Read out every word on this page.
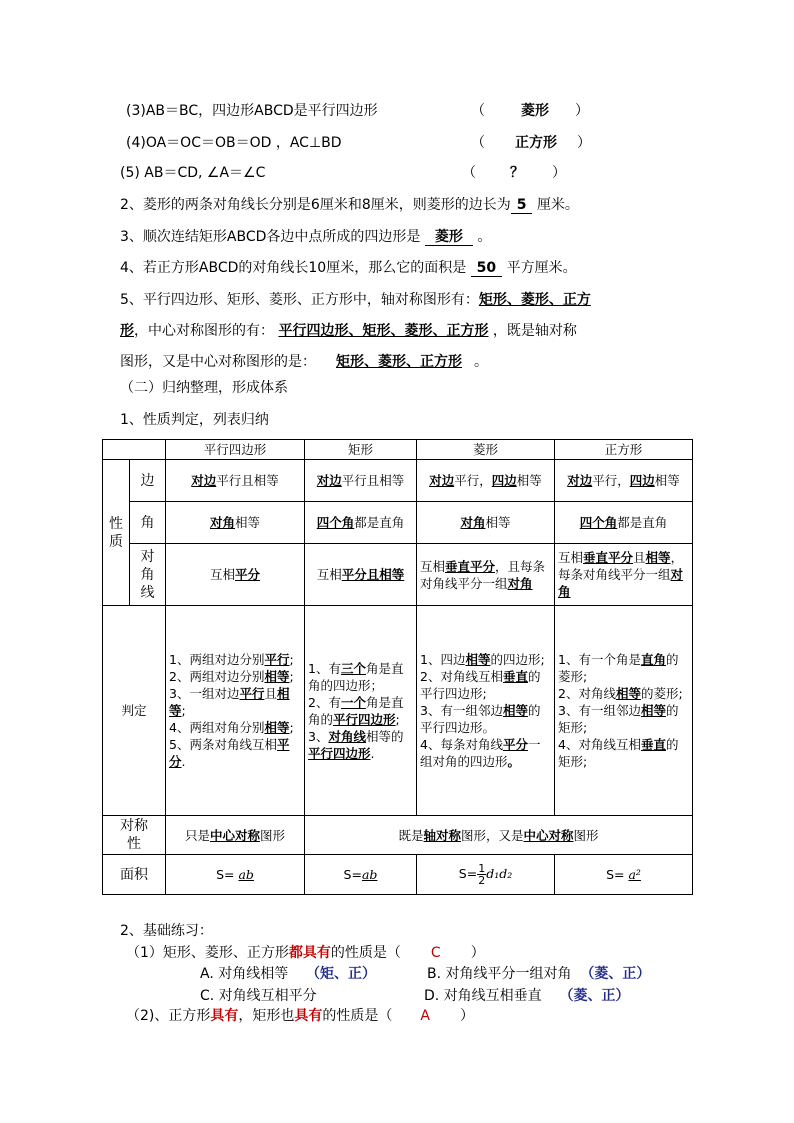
(3)AB＝BC，四边形ABCD是平行四边形	（	菱形 ）
(4)OA＝OC＝OB＝OD ，AC⊥BD	（ 正方形 ）
(5) AB＝CD, ∠A＝∠C	（ ？ ）
2、菱形的两条对角线长分别是6厘米和8厘米，则菱形的边长为 5 厘米。
3、顺次连结矩形ABCD各边中点所成的四边形是 菱形 。
4、若正方形ABCD的对角线长10厘米，那么它的面积是 50 平方厘米。
5、平行四边形、矩形、菱形、正方形中，轴对称图形有：矩形、菱形、正方
形，中心对称图形的有： 平行四边形、矩形、菱形、正方形 ，既是轴对称
图形，又是中心对称图形的是： 矩形、菱形、正方形 。
（二）归纳整理，形成体系
1、性质判定，列表归纳
		平行四边形	矩形	菱形	正方形
性质	边	对边平行且相等	对边平行且相等	对边平行，四边相等	对边平行，四边相等
	角	对角相等	四个角都是直角	对角相等	四个角都是直角
	对角线	互相平分	互相平分且相等	互相垂直平分，且每条对角线平分一组对角	互相垂直平分且相等，每条对角线平分一组对角
判定		1、两组对边分别平行;
2、两组对边分别相等;
3、一组对边平行且相等;
4、两组对角分别相等;
5、两条对角线互相平分.	1、有三个角是直角的四边形；
2、有一个角是直角的平行四边形;
3、对角线相等的平行四边形.	1、四边相等的四边形;
2、对角线互相垂直的平行四边形;
3、有一组邻边相等的平行四边形。
4、每条对角线平分一组对角的四边形。	1、有一个角是直角的菱形;
2、对角线相等的菱形;
3、有一组邻边相等的矩形;
4、对角线互相垂直的矩形;
对称性		只是中心对称图形	既是轴对称图形，又是中心对称图形		
面积		S= ab	S=ab	$S= \frac{1}{2} d_1d_2$	S= a²
2、基础练习：
（1）矩形、菱形、正方形都具有的性质是（ C ）
A. 对角线相等 （矩、正）	B. 对角线平分一组对角 （菱、正）
C. 对角线互相平分	D. 对角线互相垂直 （菱、正）
（2)、正方形具有，矩形也具有的性质是（ A ）
